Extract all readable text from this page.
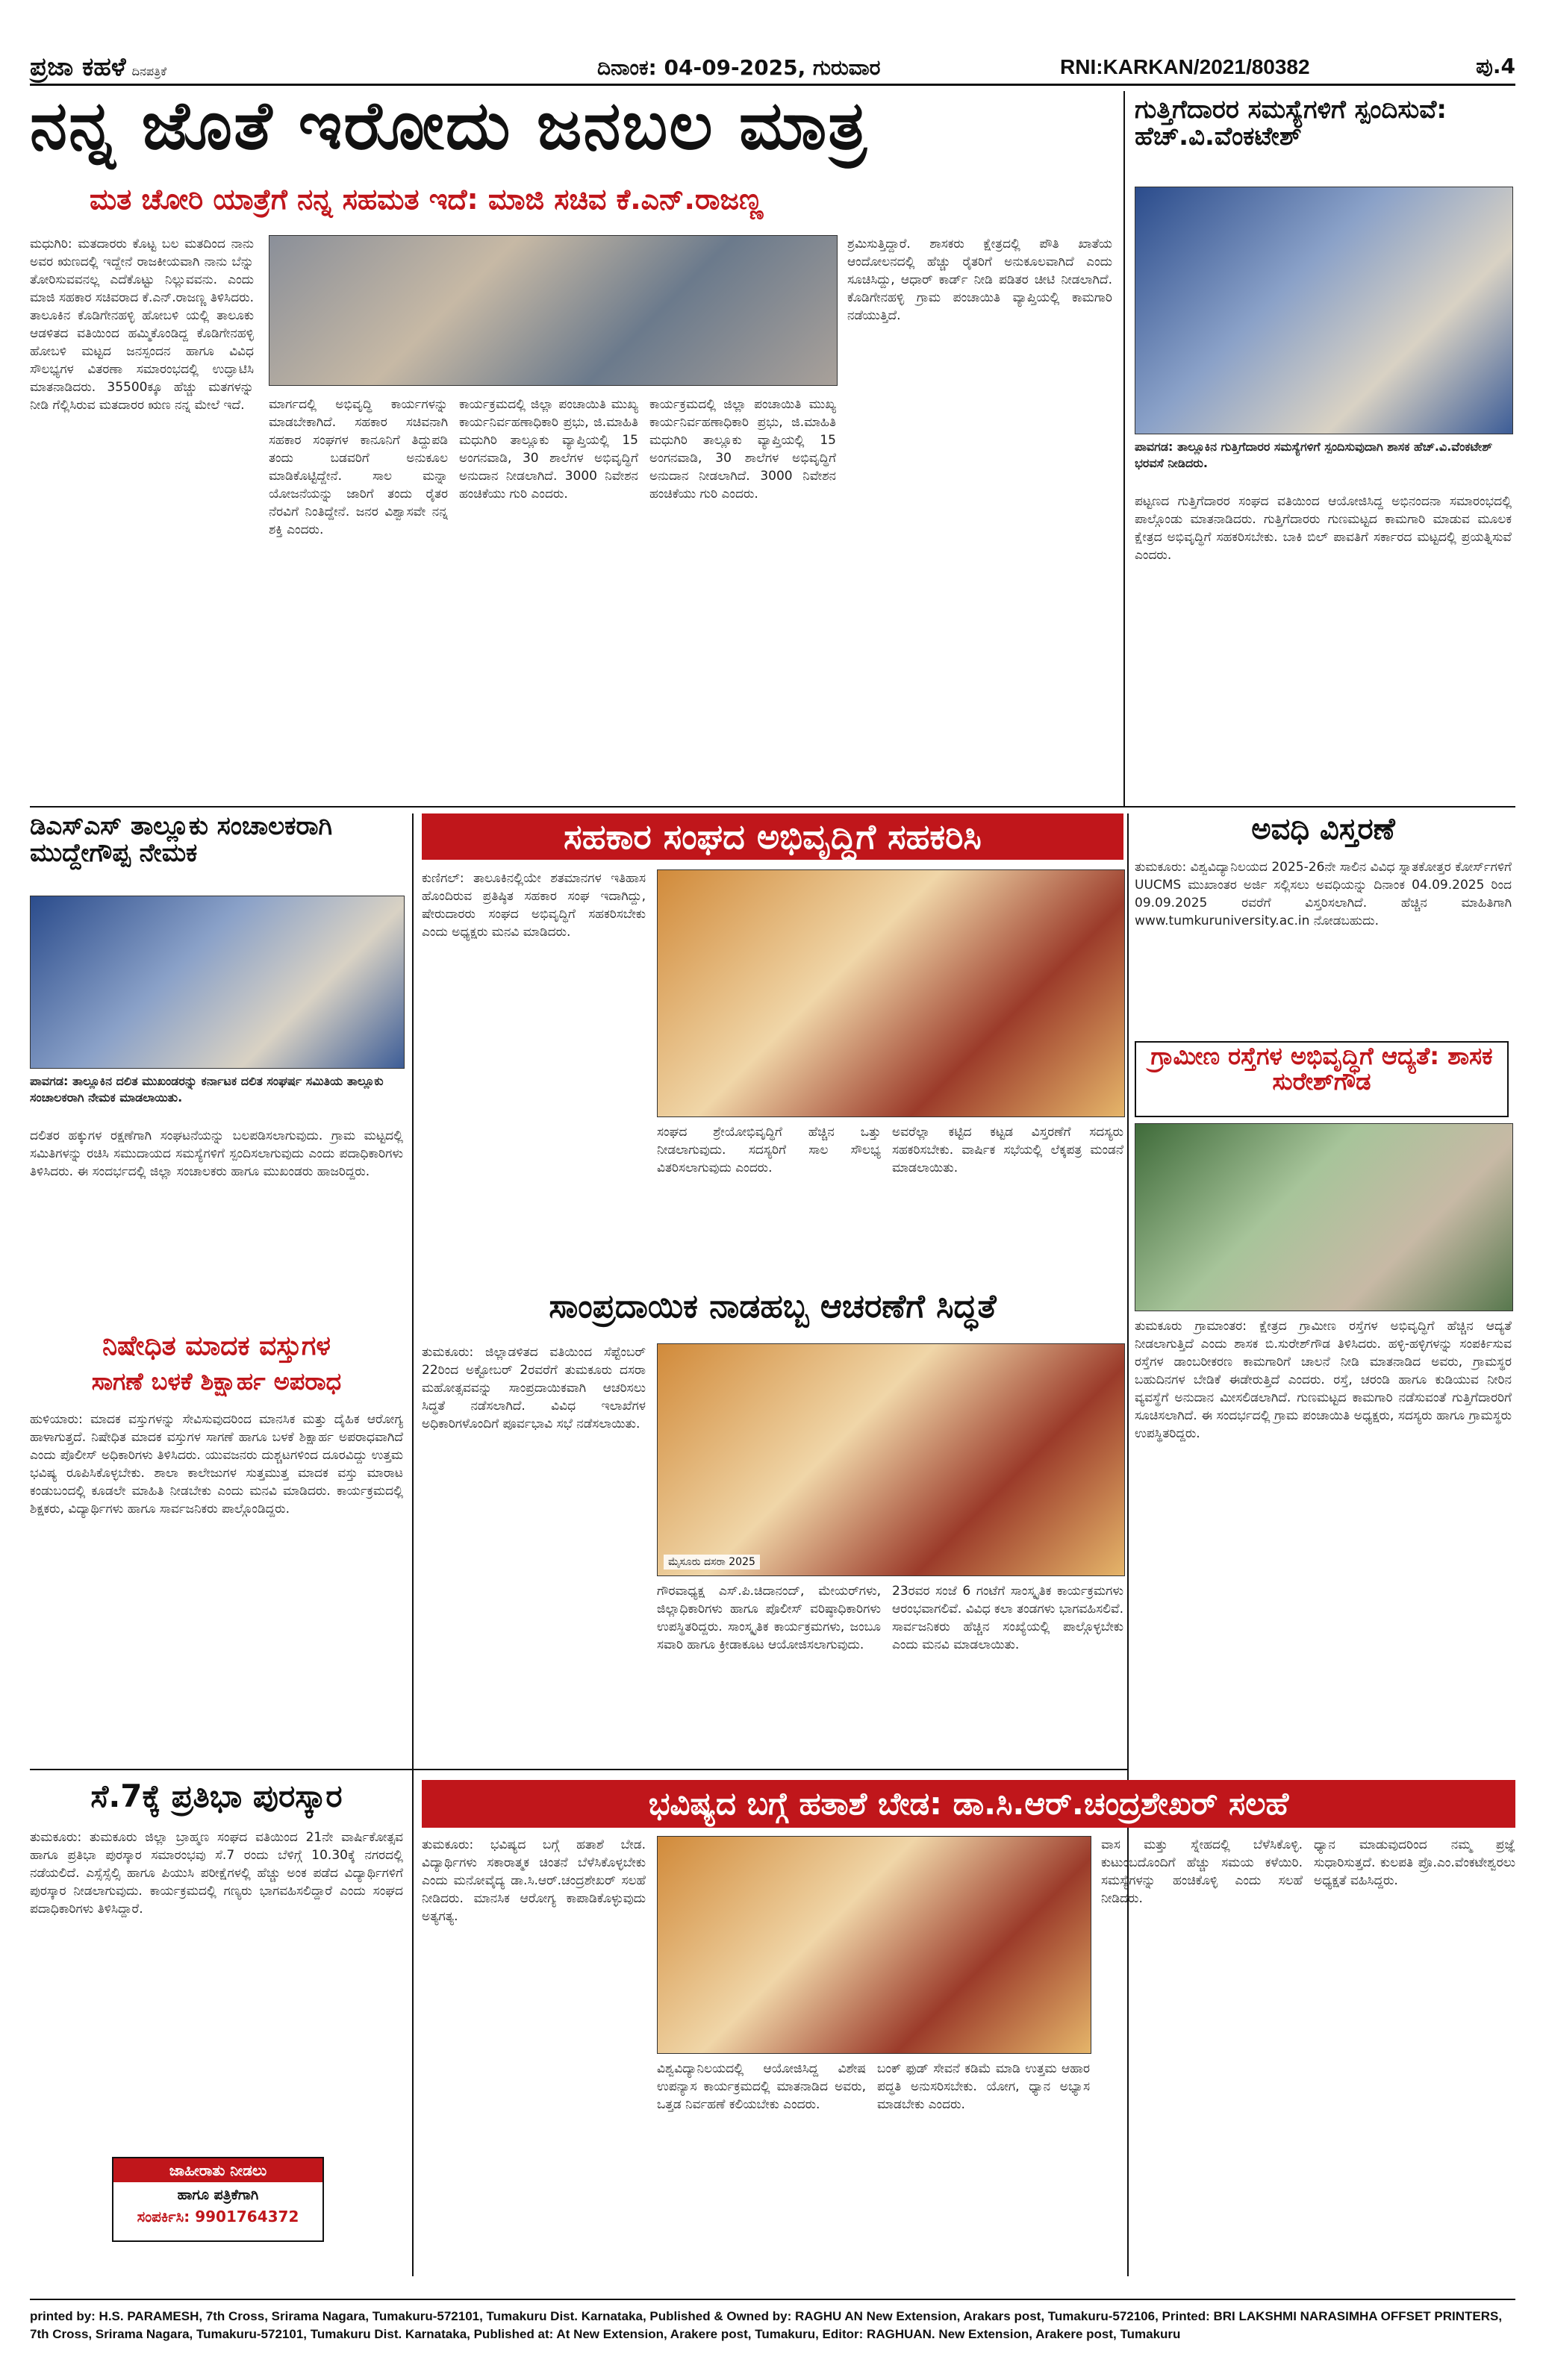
ಪ್ರಜಾ ಕಹಳೆ ದಿನಪತ್ರಿಕೆ	ದಿನಾಂಕ: 04-09-2025, ಗುರುವಾರ	RNI:KARKAN/2021/80382	ಪು.4
ನನ್ನ ಜೊತೆ ಇರೋದು ಜನಬಲ ಮಾತ್ರ
ಮತ ಚೋರಿ ಯಾತ್ರೆಗೆ ನನ್ನ ಸಹಮತ ಇದೆ: ಮಾಜಿ ಸಚಿವ ಕೆ.ಎನ್.ರಾಜಣ್ಣ
ಮಧುಗಿರಿ: ಮತದಾರರು ಕೊಟ್ಟ ಬಲ ಮತದಿಂದ ನಾನು ಅವರ ಋಣದಲ್ಲಿ ಇದ್ದೇನೆ ರಾಜಕೀಯವಾಗಿ ನಾನು ಬೆನ್ನು ತೋರಿಸುವವನಲ್ಲ ಎದೆಕೊಟ್ಟು ನಿಲ್ಲುವವನು. ಎಂದು ಮಾಜಿ ಸಹಕಾರ ಸಚಿವರಾದ ಕೆ.ಎನ್.ರಾಜಣ್ಣ ತಿಳಿಸಿದರು. ತಾಲೂಕಿನ ಕೊಡಿಗೇನಹಳ್ಳಿ ಹೋಬಳಿ ಯಲ್ಲಿ ತಾಲೂಕು ಆಡಳಿತದ ವತಿಯಿಂದ ಹಮ್ಮಿಕೊಂಡಿದ್ದ ಕೊಡಿಗೇನಹಳ್ಳಿ ಹೋಬಳಿ ಮಟ್ಟದ ಜನಸ್ಪಂದನ ಹಾಗೂ ವಿವಿಧ ಸೌಲಭ್ಯಗಳ ವಿತರಣಾ ಸಮಾರಂಭದಲ್ಲಿ ಉದ್ಘಾಟಿಸಿ ಮಾತನಾಡಿದರು. 35500ಕ್ಕೂ ಹೆಚ್ಚು ಮತಗಳನ್ನು ನೀಡಿ ಗೆಲ್ಲಿಸಿರುವ ಮತದಾರರ ಋಣ ನನ್ನ ಮೇಲೆ ಇದೆ.	ಮಾರ್ಗದಲ್ಲಿ ಅಭಿವೃದ್ಧಿ ಕಾರ್ಯಗಳನ್ನು ಮಾಡಬೇಕಾಗಿದೆ. ಸಹಕಾರ ಸಚಿವನಾಗಿ ಸಹಕಾರ ಸಂಘಗಳ ಕಾನೂನಿಗೆ ತಿದ್ದುಪಡಿ ತಂದು ಬಡವರಿಗೆ ಅನುಕೂಲ ಮಾಡಿಕೊಟ್ಟಿದ್ದೇನೆ. ಸಾಲ ಮನ್ನಾ ಯೋಜನೆಯನ್ನು ಜಾರಿಗೆ ತಂದು ರೈತರ ನೆರವಿಗೆ ನಿಂತಿದ್ದೇನೆ. ಜನರ ವಿಶ್ವಾಸವೇ ನನ್ನ ಶಕ್ತಿ ಎಂದರು.
ಕಾರ್ಯಕ್ರಮದಲ್ಲಿ ಜಿಲ್ಲಾ ಪಂಚಾಯಿತಿ ಮುಖ್ಯ ಕಾರ್ಯನಿರ್ವಹಣಾಧಿಕಾರಿ ಪ್ರಭು, ಜಿ.ಮಾಹಿತಿ ಮಧುಗಿರಿ ತಾಲ್ಲೂಕು ವ್ಯಾಪ್ತಿಯಲ್ಲಿ 15 ಅಂಗನವಾಡಿ, 30 ಶಾಲೆಗಳ ಅಭಿವೃದ್ಧಿಗೆ ಅನುದಾನ ನೀಡಲಾಗಿದೆ. 3000 ನಿವೇಶನ ಹಂಚಿಕೆಯು ಗುರಿ ಎಂದರು.
ಕಾರ್ಯಕ್ರಮದಲ್ಲಿ ಜಿಲ್ಲಾ ಪಂಚಾಯಿತಿ ಮುಖ್ಯ ಕಾರ್ಯನಿರ್ವಹಣಾಧಿಕಾರಿ ಪ್ರಭು, ಜಿ.ಮಾಹಿತಿ ಮಧುಗಿರಿ ತಾಲ್ಲೂಕು ವ್ಯಾಪ್ತಿಯಲ್ಲಿ 15 ಅಂಗನವಾಡಿ, 30 ಶಾಲೆಗಳ ಅಭಿವೃದ್ಧಿಗೆ ಅನುದಾನ ನೀಡಲಾಗಿದೆ. 3000 ನಿವೇಶನ ಹಂಚಿಕೆಯು ಗುರಿ ಎಂದರು.
ಶ್ರಮಿಸುತ್ತಿದ್ದಾರೆ. ಶಾಸಕರು ಕ್ಷೇತ್ರದಲ್ಲಿ ಪೌತಿ ಖಾತೆಯ ಆಂದೋಲನದಲ್ಲಿ ಹೆಚ್ಚು ರೈತರಿಗೆ ಅನುಕೂಲವಾಗಿದೆ ಎಂದು ಸೂಚಿಸಿದ್ದು, ಆಧಾರ್ ಕಾರ್ಡ್ ನೀಡಿ ಪಡಿತರ ಚೀಟಿ ನೀಡಲಾಗಿದೆ. ಕೊಡಿಗೇನಹಳ್ಳಿ ಗ್ರಾಮ ಪಂಚಾಯಿತಿ ವ್ಯಾಪ್ತಿಯಲ್ಲಿ ಕಾಮಗಾರಿ ನಡೆಯುತ್ತಿದೆ.
ಗುತ್ತಿಗೆದಾರರ ಸಮಸ್ಯೆಗಳಿಗೆ ಸ್ಪಂದಿಸುವೆ: ಹೆಚ್.ವಿ.ವೆಂಕಟೇಶ್
ಪಾವಗಡ: ತಾಲ್ಲೂಕಿನ ಗುತ್ತಿಗೆದಾರರ ಸಮಸ್ಯೆಗಳಿಗೆ ಸ್ಪಂದಿಸುವುದಾಗಿ ಶಾಸಕ ಹೆಚ್.ವಿ.ವೆಂಕಟೇಶ್ ಭರವಸೆ ನೀಡಿದರು.
ಪಟ್ಟಣದ ಗುತ್ತಿಗೆದಾರರ ಸಂಘದ ವತಿಯಿಂದ ಆಯೋಜಿಸಿದ್ದ ಅಭಿನಂದನಾ ಸಮಾರಂಭದಲ್ಲಿ ಪಾಲ್ಗೊಂಡು ಮಾತನಾಡಿದರು. ಗುತ್ತಿಗೆದಾರರು ಗುಣಮಟ್ಟದ ಕಾಮಗಾರಿ ಮಾಡುವ ಮೂಲಕ ಕ್ಷೇತ್ರದ ಅಭಿವೃದ್ಧಿಗೆ ಸಹಕರಿಸಬೇಕು. ಬಾಕಿ ಬಿಲ್ ಪಾವತಿಗೆ ಸರ್ಕಾರದ ಮಟ್ಟದಲ್ಲಿ ಪ್ರಯತ್ನಿಸುವೆ ಎಂದರು.
ಅವಧಿ ವಿಸ್ತರಣೆ
ತುಮಕೂರು: ವಿಶ್ವವಿದ್ಯಾನಿಲಯದ 2025-26ನೇ ಸಾಲಿನ ವಿವಿಧ ಸ್ನಾತಕೋತ್ತರ ಕೋರ್ಸ್‌ಗಳಿಗೆ UUCMS ಮುಖಾಂತರ ಅರ್ಜಿ ಸಲ್ಲಿಸಲು ಅವಧಿಯನ್ನು ದಿನಾಂಕ 04.09.2025 ರಿಂದ 09.09.2025 ರವರೆಗೆ ವಿಸ್ತರಿಸಲಾಗಿದೆ. ಹೆಚ್ಚಿನ ಮಾಹಿತಿಗಾಗಿ www.tumkuruniversity.ac.in ನೋಡಬಹುದು.
ಗ್ರಾಮೀಣ ರಸ್ತೆಗಳ ಅಭಿವೃದ್ಧಿಗೆ ಆದ್ಯತೆ: ಶಾಸಕ ಸುರೇಶ್‌ಗೌಡ
ತುಮಕೂರು ಗ್ರಾಮಾಂತರ: ಕ್ಷೇತ್ರದ ಗ್ರಾಮೀಣ ರಸ್ತೆಗಳ ಅಭಿವೃದ್ಧಿಗೆ ಹೆಚ್ಚಿನ ಆದ್ಯತೆ ನೀಡಲಾಗುತ್ತಿದೆ ಎಂದು ಶಾಸಕ ಬಿ.ಸುರೇಶ್‌ಗೌಡ ತಿಳಿಸಿದರು. ಹಳ್ಳಿ-ಹಳ್ಳಿಗಳನ್ನು ಸಂಪರ್ಕಿಸುವ ರಸ್ತೆಗಳ ಡಾಂಬರೀಕರಣ ಕಾಮಗಾರಿಗೆ ಚಾಲನೆ ನೀಡಿ ಮಾತನಾಡಿದ ಅವರು, ಗ್ರಾಮಸ್ಥರ ಬಹುದಿನಗಳ ಬೇಡಿಕೆ ಈಡೇರುತ್ತಿದೆ ಎಂದರು. ರಸ್ತೆ, ಚರಂಡಿ ಹಾಗೂ ಕುಡಿಯುವ ನೀರಿನ ವ್ಯವಸ್ಥೆಗೆ ಅನುದಾನ ಮೀಸಲಿಡಲಾಗಿದೆ. ಗುಣಮಟ್ಟದ ಕಾಮಗಾರಿ ನಡೆಸುವಂತೆ ಗುತ್ತಿಗೆದಾರರಿಗೆ ಸೂಚಿಸಲಾಗಿದೆ. ಈ ಸಂದರ್ಭದಲ್ಲಿ ಗ್ರಾಮ ಪಂಚಾಯಿತಿ ಅಧ್ಯಕ್ಷರು, ಸದಸ್ಯರು ಹಾಗೂ ಗ್ರಾಮಸ್ಥರು ಉಪಸ್ಥಿತರಿದ್ದರು.
ಡಿಎಸ್‌ಎಸ್ ತಾಲ್ಲೂಕು ಸಂಚಾಲಕರಾಗಿ ಮುದ್ದೇಗೌಪ್ಪ ನೇಮಕ
ಪಾವಗಡ: ತಾಲ್ಲೂಕಿನ ದಲಿತ ಮುಖಂಡರನ್ನು ಕರ್ನಾಟಕ ದಲಿತ ಸಂಘರ್ಷ ಸಮಿತಿಯ ತಾಲ್ಲೂಕು ಸಂಚಾಲಕರಾಗಿ ನೇಮಕ ಮಾಡಲಾಯಿತು.
ದಲಿತರ ಹಕ್ಕುಗಳ ರಕ್ಷಣೆಗಾಗಿ ಸಂಘಟನೆಯನ್ನು ಬಲಪಡಿಸಲಾಗುವುದು. ಗ್ರಾಮ ಮಟ್ಟದಲ್ಲಿ ಸಮಿತಿಗಳನ್ನು ರಚಿಸಿ ಸಮುದಾಯದ ಸಮಸ್ಯೆಗಳಿಗೆ ಸ್ಪಂದಿಸಲಾಗುವುದು ಎಂದು ಪದಾಧಿಕಾರಿಗಳು ತಿಳಿಸಿದರು. ಈ ಸಂದರ್ಭದಲ್ಲಿ ಜಿಲ್ಲಾ ಸಂಚಾಲಕರು ಹಾಗೂ ಮುಖಂಡರು ಹಾಜರಿದ್ದರು.
ಸಹಕಾರ ಸಂಘದ ಅಭಿವೃದ್ಧಿಗೆ ಸಹಕರಿಸಿ
ಕುಣಿಗಲ್: ತಾಲೂಕಿನಲ್ಲಿಯೇ ಶತಮಾನಗಳ ಇತಿಹಾಸ ಹೊಂದಿರುವ ಪ್ರತಿಷ್ಠಿತ ಸಹಕಾರ ಸಂಘ ಇದಾಗಿದ್ದು, ಷೇರುದಾರರು ಸಂಘದ ಅಭಿವೃದ್ಧಿಗೆ ಸಹಕರಿಸಬೇಕು ಎಂದು ಅಧ್ಯಕ್ಷರು ಮನವಿ ಮಾಡಿದರು.
ಸಂಘದ ಶ್ರೇಯೋಭಿವೃದ್ಧಿಗೆ ಹೆಚ್ಚಿನ ಒತ್ತು ನೀಡಲಾಗುವುದು. ಸದಸ್ಯರಿಗೆ ಸಾಲ ಸೌಲಭ್ಯ ವಿತರಿಸಲಾಗುವುದು ಎಂದರು.
ಅವರೆಲ್ಲಾ ಕಟ್ಟಿದ ಕಟ್ಟಡ ವಿಸ್ತರಣೆಗೆ ಸದಸ್ಯರು ಸಹಕರಿಸಬೇಕು. ವಾರ್ಷಿಕ ಸಭೆಯಲ್ಲಿ ಲೆಕ್ಕಪತ್ರ ಮಂಡನೆ ಮಾಡಲಾಯಿತು.
ನಿಷೇಧಿತ ಮಾದಕ ವಸ್ತುಗಳ
ಸಾಗಣೆ ಬಳಕೆ ಶಿಕ್ಷಾರ್ಹ ಅಪರಾಧ
ಹುಳಿಯಾರು: ಮಾದಕ ವಸ್ತುಗಳನ್ನು ಸೇವಿಸುವುದರಿಂದ ಮಾನಸಿಕ ಮತ್ತು ದೈಹಿಕ ಆರೋಗ್ಯ ಹಾಳಾಗುತ್ತದೆ. ನಿಷೇಧಿತ ಮಾದಕ ವಸ್ತುಗಳ ಸಾಗಣೆ ಹಾಗೂ ಬಳಕೆ ಶಿಕ್ಷಾರ್ಹ ಅಪರಾಧವಾಗಿದೆ ಎಂದು ಪೊಲೀಸ್ ಅಧಿಕಾರಿಗಳು ತಿಳಿಸಿದರು. ಯುವಜನರು ದುಶ್ಚಟಗಳಿಂದ ದೂರವಿದ್ದು ಉತ್ತಮ ಭವಿಷ್ಯ ರೂಪಿಸಿಕೊಳ್ಳಬೇಕು. ಶಾಲಾ ಕಾಲೇಜುಗಳ ಸುತ್ತಮುತ್ತ ಮಾದಕ ವಸ್ತು ಮಾರಾಟ ಕಂಡುಬಂದಲ್ಲಿ ಕೂಡಲೇ ಮಾಹಿತಿ ನೀಡಬೇಕು ಎಂದು ಮನವಿ ಮಾಡಿದರು. ಕಾರ್ಯಕ್ರಮದಲ್ಲಿ ಶಿಕ್ಷಕರು, ವಿದ್ಯಾರ್ಥಿಗಳು ಹಾಗೂ ಸಾರ್ವಜನಿಕರು ಪಾಲ್ಗೊಂಡಿದ್ದರು.
ಸಾಂಪ್ರದಾಯಿಕ ನಾಡಹಬ್ಬ ಆಚರಣೆಗೆ ಸಿದ್ಧತೆ
ತುಮಕೂರು: ಜಿಲ್ಲಾಡಳಿತದ ವತಿಯಿಂದ ಸೆಪ್ಟೆಂಬರ್ 22ರಿಂದ ಅಕ್ಟೋಬರ್ 2ರವರೆಗೆ ತುಮಕೂರು ದಸರಾ ಮಹೋತ್ಸವವನ್ನು ಸಾಂಪ್ರದಾಯಿಕವಾಗಿ ಆಚರಿಸಲು ಸಿದ್ಧತೆ ನಡೆಸಲಾಗಿದೆ. ವಿವಿಧ ಇಲಾಖೆಗಳ ಅಧಿಕಾರಿಗಳೊಂದಿಗೆ ಪೂರ್ವಭಾವಿ ಸಭೆ ನಡೆಸಲಾಯಿತು.
ಮೈಸೂರು ದಸರಾ 2025
ಗೌರವಾಧ್ಯಕ್ಷ ಎಸ್.ಪಿ.ಚಿದಾನಂದ್, ಮೇಯರ್‌ಗಳು, ಜಿಲ್ಲಾಧಿಕಾರಿಗಳು ಹಾಗೂ ಪೊಲೀಸ್ ವರಿಷ್ಠಾಧಿಕಾರಿಗಳು ಉಪಸ್ಥಿತರಿದ್ದರು. ಸಾಂಸ್ಕೃತಿಕ ಕಾರ್ಯಕ್ರಮಗಳು, ಜಂಬೂ ಸವಾರಿ ಹಾಗೂ ಕ್ರೀಡಾಕೂಟ ಆಯೋಜಿಸಲಾಗುವುದು.
23ರವರ ಸಂಜೆ 6 ಗಂಟೆಗೆ ಸಾಂಸ್ಕೃತಿಕ ಕಾರ್ಯಕ್ರಮಗಳು ಆರಂಭವಾಗಲಿವೆ. ವಿವಿಧ ಕಲಾ ತಂಡಗಳು ಭಾಗವಹಿಸಲಿವೆ. ಸಾರ್ವಜನಿಕರು ಹೆಚ್ಚಿನ ಸಂಖ್ಯೆಯಲ್ಲಿ ಪಾಲ್ಗೊಳ್ಳಬೇಕು ಎಂದು ಮನವಿ ಮಾಡಲಾಯಿತು.
ಸೆ.7ಕ್ಕೆ ಪ್ರತಿಭಾ ಪುರಸ್ಕಾರ
ತುಮಕೂರು: ತುಮಕೂರು ಜಿಲ್ಲಾ ಬ್ರಾಹ್ಮಣ ಸಂಘದ ವತಿಯಿಂದ 21ನೇ ವಾರ್ಷಿಕೋತ್ಸವ ಹಾಗೂ ಪ್ರತಿಭಾ ಪುರಸ್ಕಾರ ಸಮಾರಂಭವು ಸೆ.7 ರಂದು ಬೆಳಿಗ್ಗೆ 10.30ಕ್ಕೆ ನಗರದಲ್ಲಿ ನಡೆಯಲಿದೆ. ಎಸ್ಸೆಸ್ಸೆಲ್ಸಿ ಹಾಗೂ ಪಿಯುಸಿ ಪರೀಕ್ಷೆಗಳಲ್ಲಿ ಹೆಚ್ಚು ಅಂಕ ಪಡೆದ ವಿದ್ಯಾರ್ಥಿಗಳಿಗೆ ಪುರಸ್ಕಾರ ನೀಡಲಾಗುವುದು. ಕಾರ್ಯಕ್ರಮದಲ್ಲಿ ಗಣ್ಯರು ಭಾಗವಹಿಸಲಿದ್ದಾರೆ ಎಂದು ಸಂಘದ ಪದಾಧಿಕಾರಿಗಳು ತಿಳಿಸಿದ್ದಾರೆ.
ಜಾಹೀರಾತು ನೀಡಲು
ಹಾಗೂ ಪತ್ರಿಕೆಗಾಗಿ
ಸಂಪರ್ಕಿಸಿ: 9901764372
ಭವಿಷ್ಯದ ಬಗ್ಗೆ ಹತಾಶೆ ಬೇಡ: ಡಾ.ಸಿ.ಆರ್.ಚಂದ್ರಶೇಖರ್ ಸಲಹೆ
ತುಮಕೂರು: ಭವಿಷ್ಯದ ಬಗ್ಗೆ ಹತಾಶೆ ಬೇಡ. ವಿದ್ಯಾರ್ಥಿಗಳು ಸಕಾರಾತ್ಮಕ ಚಿಂತನೆ ಬೆಳೆಸಿಕೊಳ್ಳಬೇಕು ಎಂದು ಮನೋವೈದ್ಯ ಡಾ.ಸಿ.ಆರ್.ಚಂದ್ರಶೇಖರ್ ಸಲಹೆ ನೀಡಿದರು. ಮಾನಸಿಕ ಆರೋಗ್ಯ ಕಾಪಾಡಿಕೊಳ್ಳುವುದು ಅತ್ಯಗತ್ಯ.
ವಿಶ್ವವಿದ್ಯಾನಿಲಯದಲ್ಲಿ ಆಯೋಜಿಸಿದ್ದ ವಿಶೇಷ ಉಪನ್ಯಾಸ ಕಾರ್ಯಕ್ರಮದಲ್ಲಿ ಮಾತನಾಡಿದ ಅವರು, ಒತ್ತಡ ನಿರ್ವಹಣೆ ಕಲಿಯಬೇಕು ಎಂದರು.
ಬಂಕ್ ಫುಡ್ ಸೇವನೆ ಕಡಿಮೆ ಮಾಡಿ ಉತ್ತಮ ಆಹಾರ ಪದ್ಧತಿ ಅನುಸರಿಸಬೇಕು. ಯೋಗ, ಧ್ಯಾನ ಅಭ್ಯಾಸ ಮಾಡಬೇಕು ಎಂದರು.
ವಾಸ ಮತ್ತು ಸ್ನೇಹದಲ್ಲಿ ಬೆಳೆಸಿಕೊಳ್ಳಿ. ಕುಟುಂಬದೊಂದಿಗೆ ಹೆಚ್ಚು ಸಮಯ ಕಳೆಯಿರಿ. ಸಮಸ್ಯೆಗಳನ್ನು ಹಂಚಿಕೊಳ್ಳಿ ಎಂದು ಸಲಹೆ ನೀಡಿದರು.
ಧ್ಯಾನ ಮಾಡುವುದರಿಂದ ನಮ್ಮ ಪ್ರಜ್ಞೆ ಸುಧಾರಿಸುತ್ತದೆ. ಕುಲಪತಿ ಪ್ರೊ.ಎಂ.ವೆಂಕಟೇಶ್ವರಲು ಅಧ್ಯಕ್ಷತೆ ವಹಿಸಿದ್ದರು.
printed by: H.S. PARAMESH, 7th Cross, Srirama Nagara, Tumakuru-572101, Tumakuru Dist. Karnataka, Published & Owned by: RAGHU AN New Extension, Arakars post, Tumakuru-572106, Printed: BRI LAKSHMI NARASIMHA OFFSET PRINTERS, 7th Cross, Srirama Nagara, Tumakuru-572101, Tumakuru Dist. Karnataka, Published at: At New Extension, Arakere post, Tumakuru, Editor: RAGHUAN. New Extension, Arakere post, Tumakuru
